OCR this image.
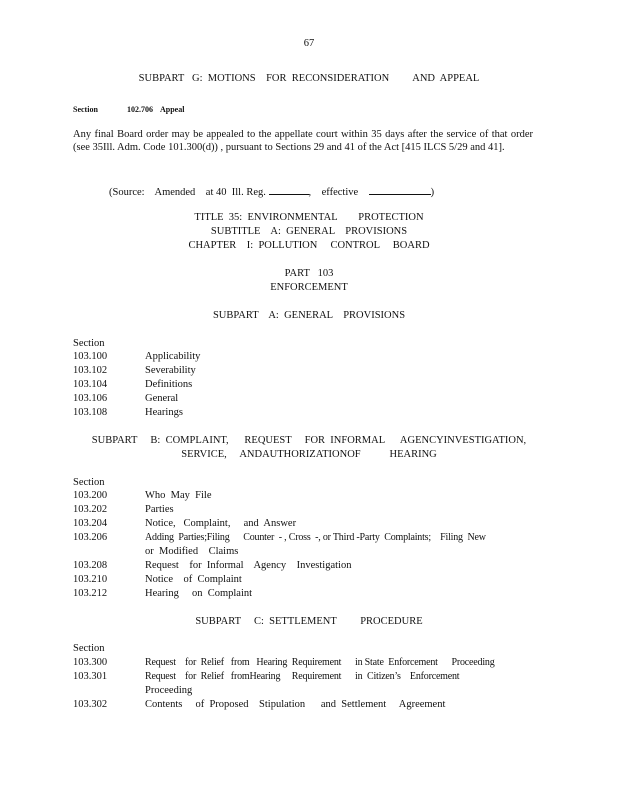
67
SUBPART   G:  MOTIONS    FOR  RECONSIDERATION         AND  APPEAL
Section	102.706 Appeal
Any final Board order may be appealed to the appellate court within 35 days after the service of that order (see 35Ill. Adm. Code 101.300(d)) , pursuant to Sections 29 and 41 of the Act [415 ILCS 5/29 and 41].
(Source:    Amended    at 40  Ill. Reg.	,    effective	)
TITLE  35:  ENVIRONMENTAL        PROTECTION
SUBTITLE    A:  GENERAL    PROVISIONS
CHAPTER    I:  POLLUTION     CONTROL     BOARD
PART   103
ENFORCEMENT
SUBPART    A:  GENERAL    PROVISIONS
Section
103.100	Applicability
103.102	Severability
103.104	Definitions
103.106	General
103.108	Hearings
SUBPART     B:  COMPLAINT,      REQUEST     FOR  INFORMAL      AGENCYINVESTIGATION,
SERVICE,     ANDAUTHORIZATIONOF           HEARING
Section
103.200	Who  May  File
103.202	Parties
103.204	Notice,   Complaint,     and  Answer
103.206	Adding  Parties;Filing      Counter  - , Cross  -, or Third -Party  Complaints;    Filing  New
or  Modified    Claims
103.208	Request    for  Informal    Agency    Investigation
103.210	Notice    of  Complaint
103.212	Hearing     on  Complaint
SUBPART     C:  SETTLEMENT         PROCEDURE
Section
103.300	Request    for  Relief   from   Hearing  Requirement      in State  Enforcement      Proceeding
103.301	Request    for  Relief   fromHearing     Requirement      in  Citizen’s    Enforcement
Proceeding
103.302	Contents     of  Proposed    Stipulation      and  Settlement     Agreement
